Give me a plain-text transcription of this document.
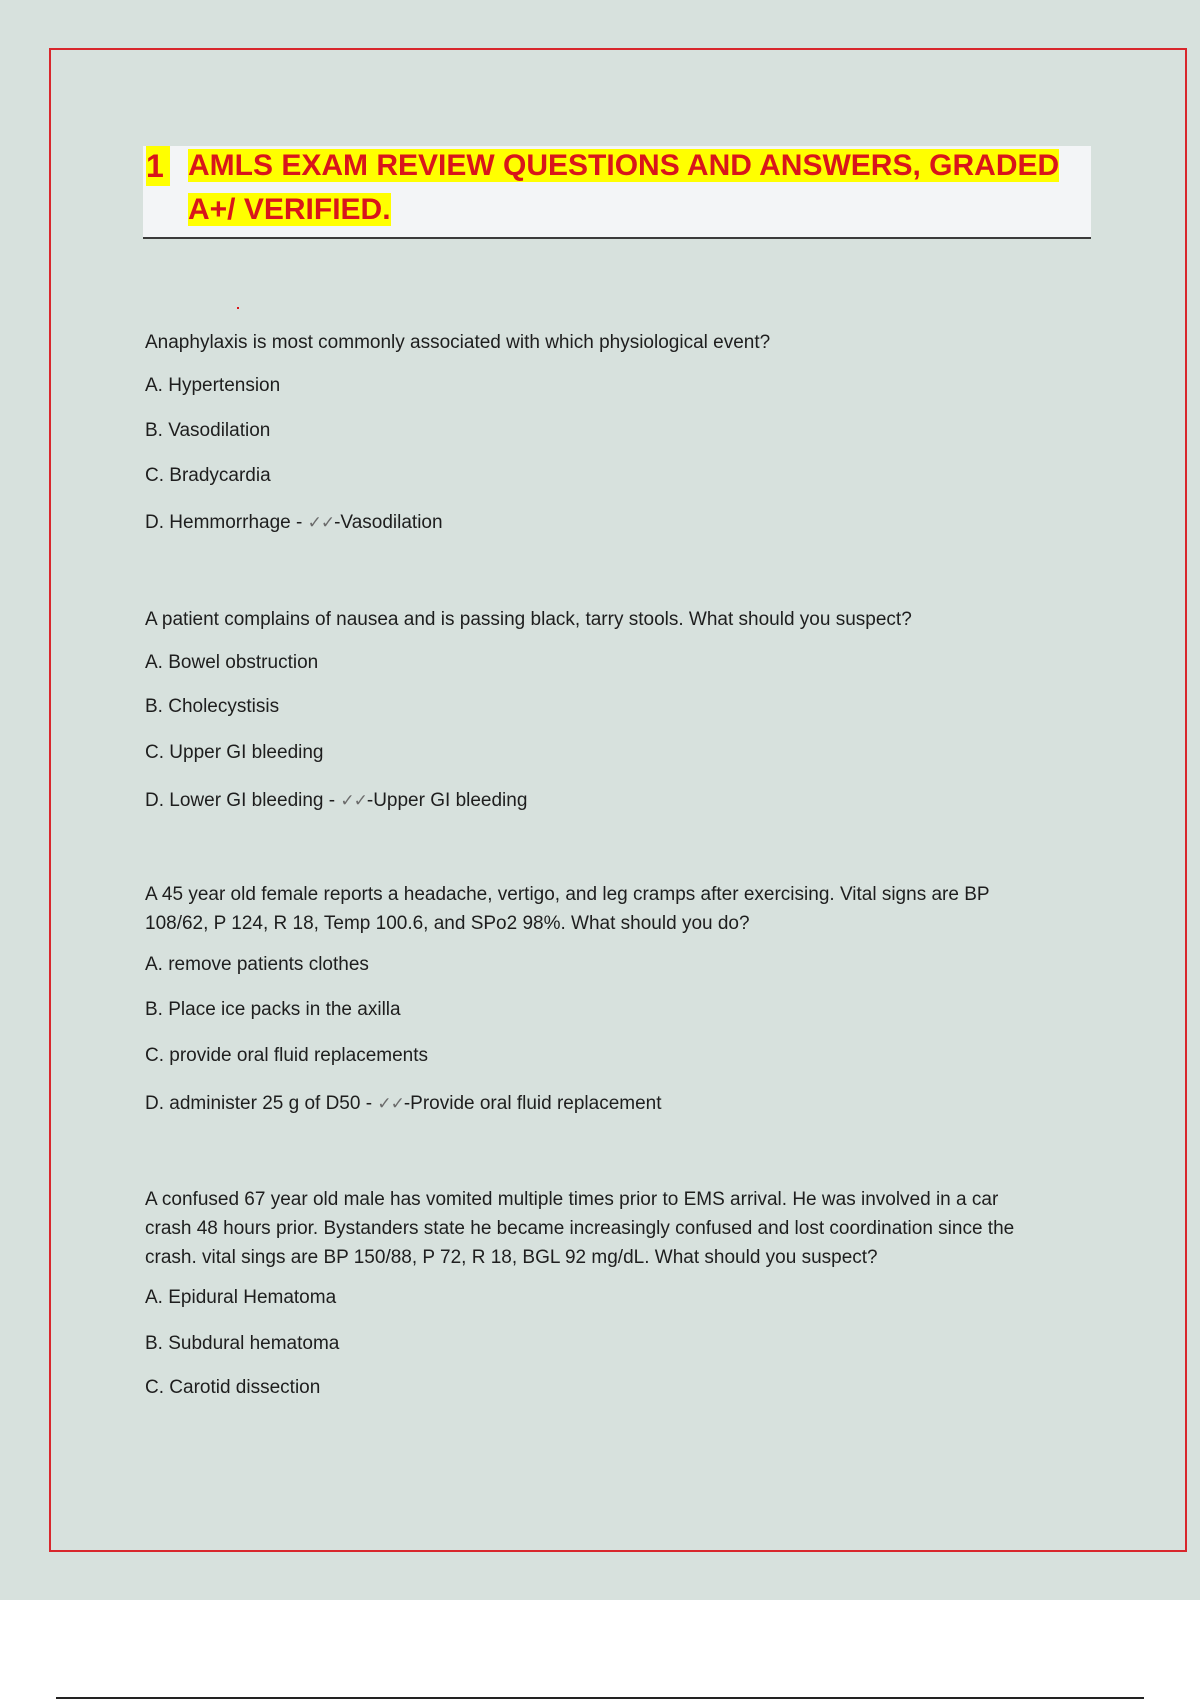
1 AMLS EXAM REVIEW QUESTIONS AND ANSWERS, GRADED
A+/ VERIFIED.

Anaphylaxis is most commonly associated with which physiological event?

A. Hypertension

B. Vasodilation

C. Bradycardia

D. Hemmorrhage - ✓✓-Vasodilation

A patient complains of nausea and is passing black, tarry stools. What should you suspect?

A. Bowel obstruction

B. Cholecystisis

C. Upper GI bleeding

D. Lower GI bleeding - ✓✓-Upper GI bleeding

A 45 year old female reports a headache, vertigo, and leg cramps after exercising. Vital signs are BP

108/62, P 124, R 18, Temp 100.6, and SPo2 98%. What should you do?

A. remove patients clothes

B. Place ice packs in the axilla

C. provide oral fluid replacements

D. administer 25 g of D50 - ✓✓-Provide oral fluid replacement

A confused 67 year old male has vomited multiple times prior to EMS arrival. He was involved in a car

crash 48 hours prior. Bystanders state he became increasingly confused and lost coordination since the

crash. vital sings are BP 150/88, P 72, R 18, BGL 92 mg/dL. What should you suspect?

A. Epidural Hematoma

B. Subdural hematoma

C. Carotid dissection
